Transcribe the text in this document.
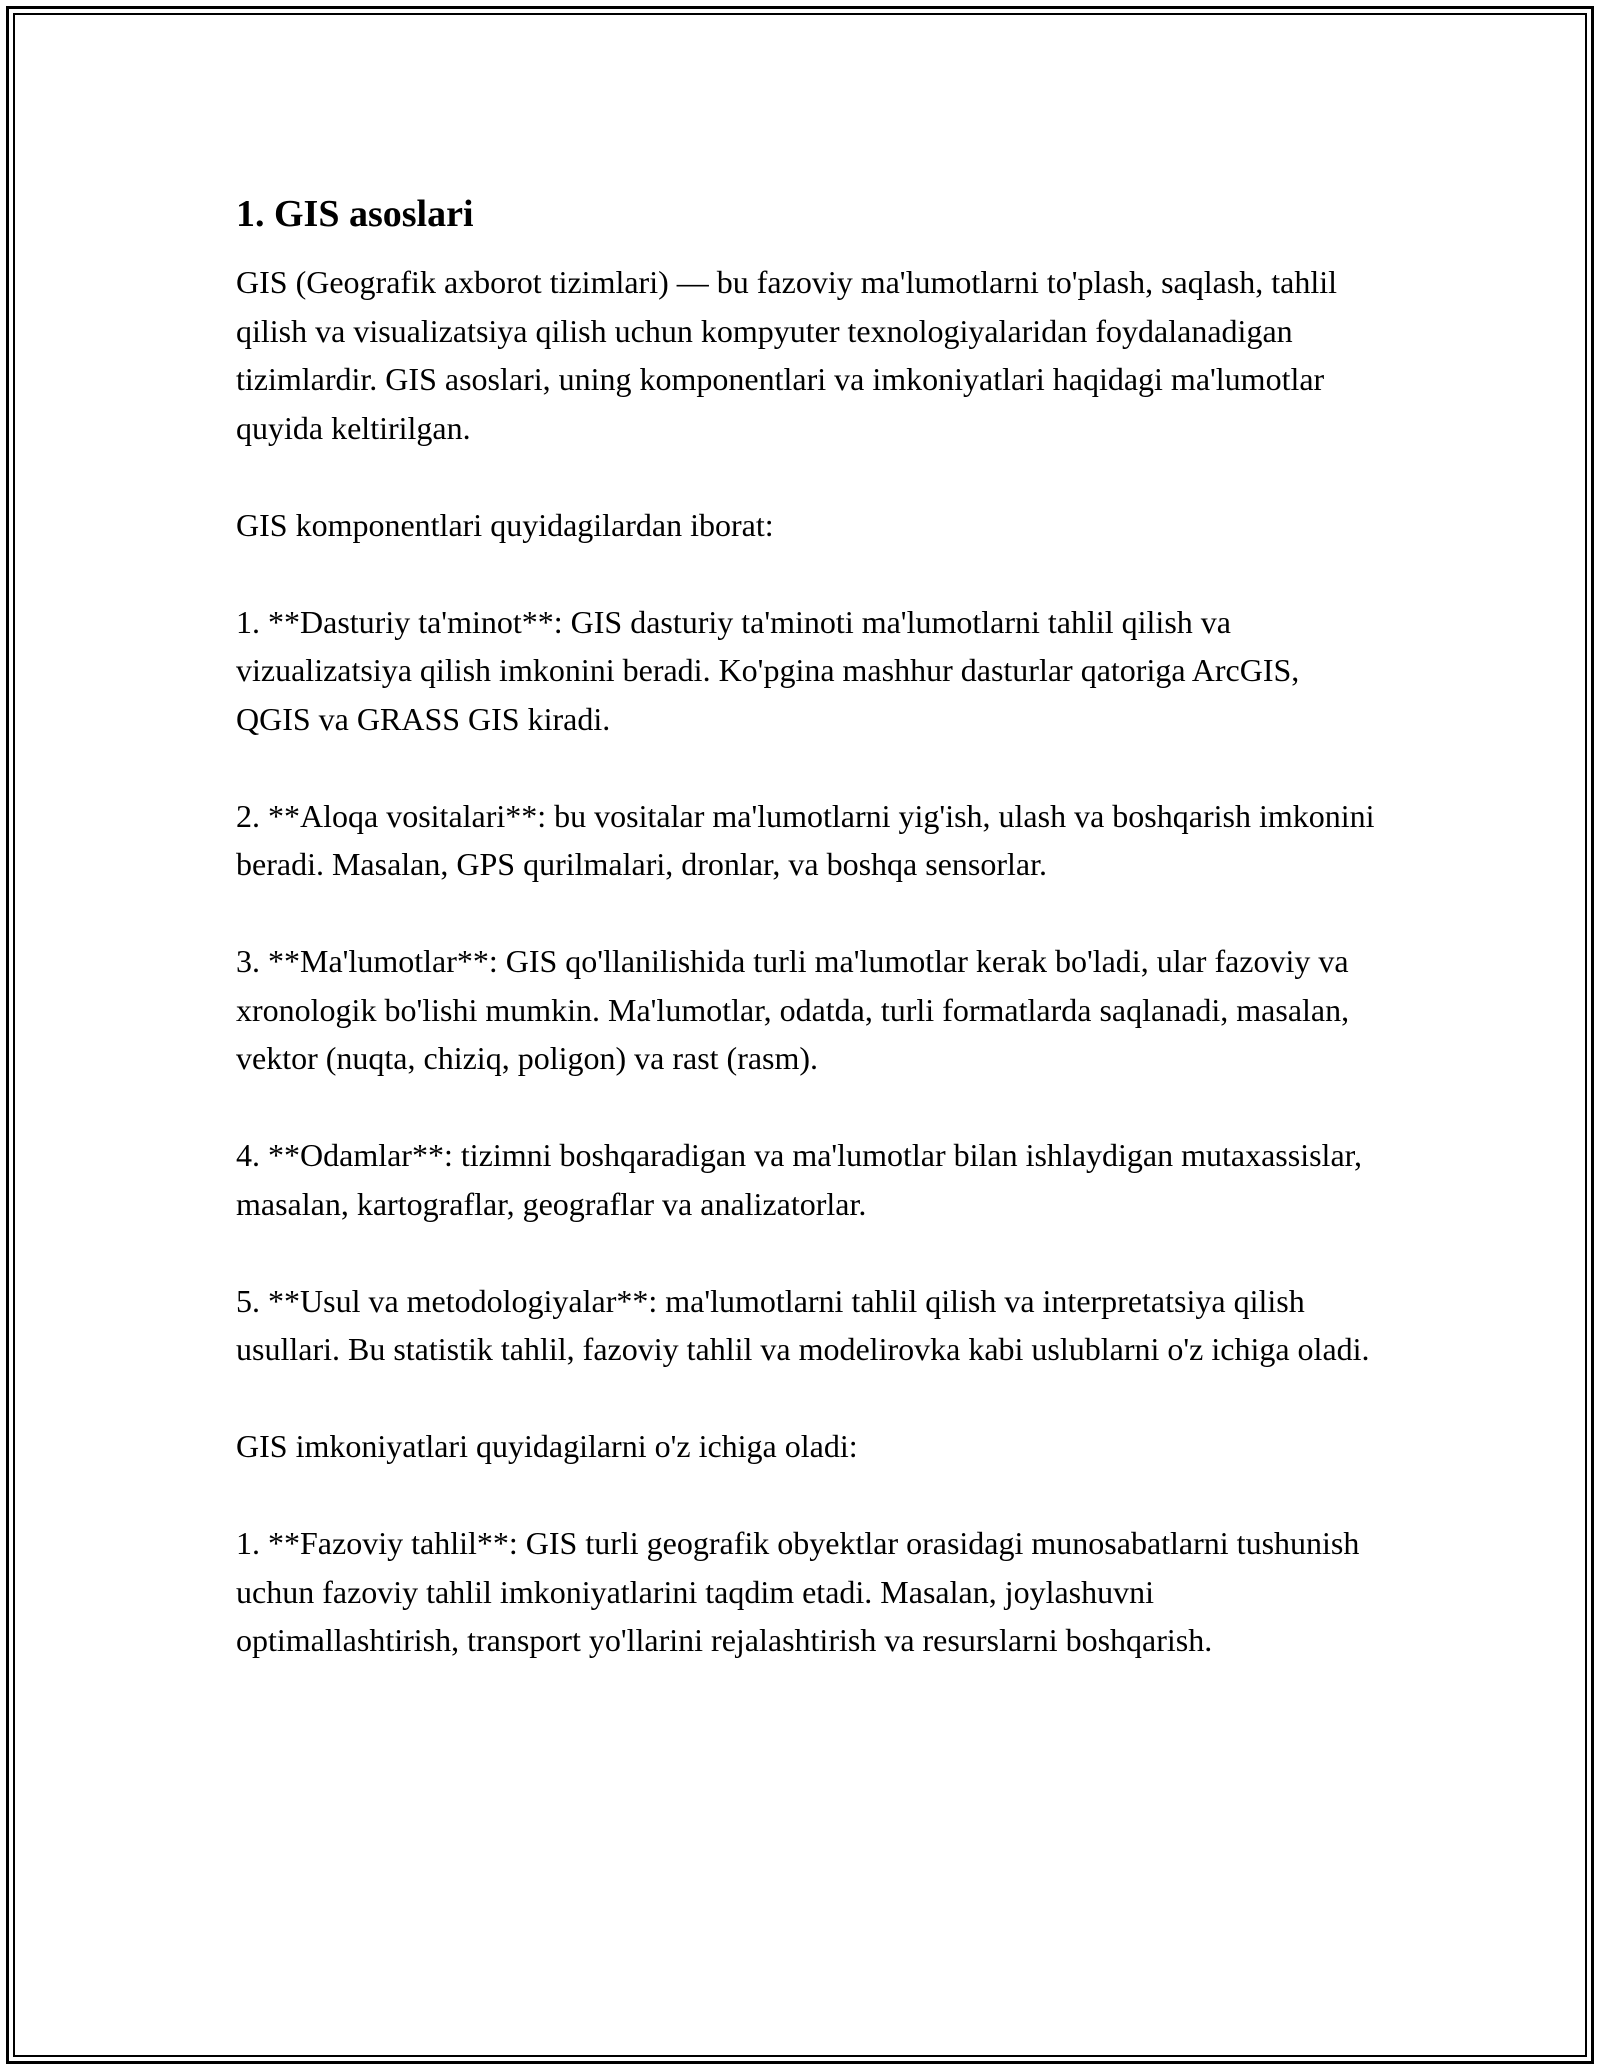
1. GIS asoslari

GIS (Geografik axborot tizimlari) — bu fazoviy ma'lumotlarni to'plash, saqlash, tahlil qilish va visualizatsiya qilish uchun kompyuter texnologiyalaridan foydalanadigan tizimlardir. GIS asoslari, uning komponentlari va imkoniyatlari haqidagi ma'lumotlar quyida keltirilgan.

GIS komponentlari quyidagilardan iborat:

1. **Dasturiy ta'minot**: GIS dasturiy ta'minoti ma'lumotlarni tahlil qilish va vizualizatsiya qilish imkonini beradi. Ko'pgina mashhur dasturlar qatoriga ArcGIS, QGIS va GRASS GIS kiradi.

2. **Aloqa vositalari**: bu vositalar ma'lumotlarni yig'ish, ulash va boshqarish imkonini beradi. Masalan, GPS qurilmalari, dronlar, va boshqa sensorlar.

3. **Ma'lumotlar**: GIS qo'llanilishida turli ma'lumotlar kerak bo'ladi, ular fazoviy va xronologik bo'lishi mumkin. Ma'lumotlar, odatda, turli formatlarda saqlanadi, masalan, vektor (nuqta, chiziq, poligon) va rast (rasm).

4. **Odamlar**: tizimni boshqaradigan va ma'lumotlar bilan ishlaydigan mutaxassislar, masalan, kartograflar, geograflar va analizatorlar.

5. **Usul va metodologiyalar**: ma'lumotlarni tahlil qilish va interpretatsiya qilish usullari. Bu statistik tahlil, fazoviy tahlil va modelirovka kabi uslublarni o'z ichiga oladi.

GIS imkoniyatlari quyidagilarni o'z ichiga oladi:

1. **Fazoviy tahlil**: GIS turli geografik obyektlar orasidagi munosabatlarni tushunish uchun fazoviy tahlil imkoniyatlarini taqdim etadi. Masalan, joylashuvni optimallashtirish, transport yo'llarini rejalashtirish va resurslarni boshqarish.
